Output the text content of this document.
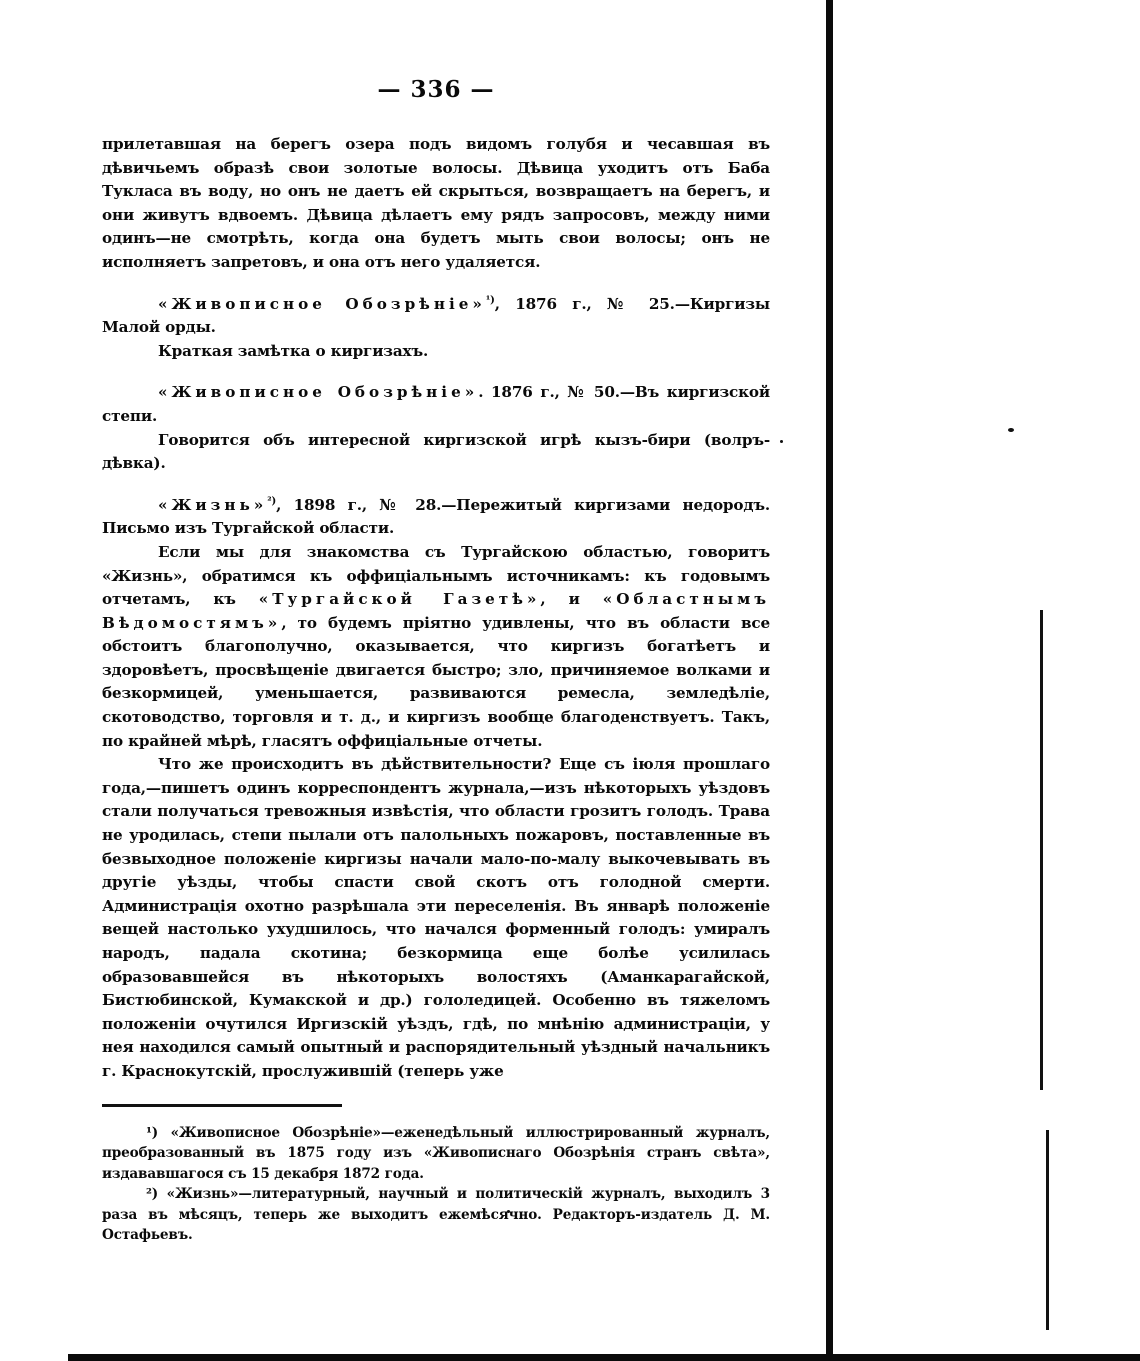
— 336 —

прилетавшая на берегъ озера подъ видомъ голубя и чесавшая въ дѣвичьемъ образѣ свои золотые волосы. Дѣвица уходитъ отъ Баба Тукласа въ воду, но онъ не даетъ ей скрыться, возвращаетъ на берегъ, и они живутъ вдвоемъ. Дѣвица дѣлаетъ ему рядъ запросовъ, между ними одинъ—не смотрѣть, когда она будетъ мыть свои волосы; онъ не исполняетъ запретовъ, и она отъ него удаляется.

«Живописное Обозрѣніе»$^{^1)}$, 1876 г., № 25.—Киргизы Малой орды.

Краткая замѣтка о киргизахъ.

«Живописное Обозрѣніе». 1876 г., № 50.—Въ киргизской степи.

Говорится объ интересной киргизской игрѣ кызъ-бири (волръ-дѣвка).

«Жизнь»$^{^2)}$, 1898 г., № 28.—Пережитый киргизами недородъ. Письмо изъ Тургайской области.

Если мы для знакомства съ Тургайскою областью, говоритъ «Жизнь», обратимся къ оффиціальнымъ источникамъ: къ годовымъ отчетамъ, къ «Тургайской Газетѣ», и «Областнымъ Вѣдомостямъ», то будемъ пріятно удивлены, что въ области все обстоитъ благополучно, оказывается, что киргизъ богатѣетъ и здоровѣетъ, просвѣщеніе двигается быстро; зло, причиняемое волками и безкормицей, уменьшается, развиваются ремесла, земледѣліе, скотоводство, торговля и т. д., и киргизъ вообще благоденствуетъ. Такъ, по крайней мѣрѣ, гласятъ оффиціальные отчеты.

Что же происходитъ въ дѣйствительности? Еще съ іюля прошлаго года,—пишетъ одинъ корреспондентъ журнала,—изъ нѣкоторыхъ уѣздовъ стали получаться тревожныя извѣстія, что области грозитъ голодъ. Трава не уродилась, степи пылали отъ палольныхъ пожаровъ, поставленные въ безвыходное положеніе киргизы начали мало-по-малу выкочевывать въ другіе уѣзды, чтобы спасти свой скотъ отъ голодной смерти. Администрація охотно разрѣшала эти переселенія. Въ январѣ положеніе вещей настолько ухудшилось, что начался форменный голодъ: умиралъ народъ, падала скотина; безкормица еще болѣе усилилась образовавшейся въ нѣкоторыхъ волостяхъ (Аманкарагайской, Бистюбинской, Кумакской и др.) гололедицей. Особенно въ тяжеломъ положеніи очутился Иргизскій уѣздъ, гдѣ, по мнѣнію администраціи, у нея находился самый опытный и распорядительный уѣздный начальникъ г. Краснокутскій, прослужившій (теперь уже

¹) «Живописное Обозрѣніе»—еженедѣльный иллюстрированный журналъ, преобразованный въ 1875 году изъ «Живописнаго Обозрѣнія странъ свѣта», издававшагося съ 15 декабря 1872 года.

²) «Жизнь»—литературный, научный и политическій журналъ, выходилъ 3 раза въ мѣсяцъ, теперь же выходитъ ежемѣсячно. Редакторъ-издатель Д. М. Остафьевъ.
